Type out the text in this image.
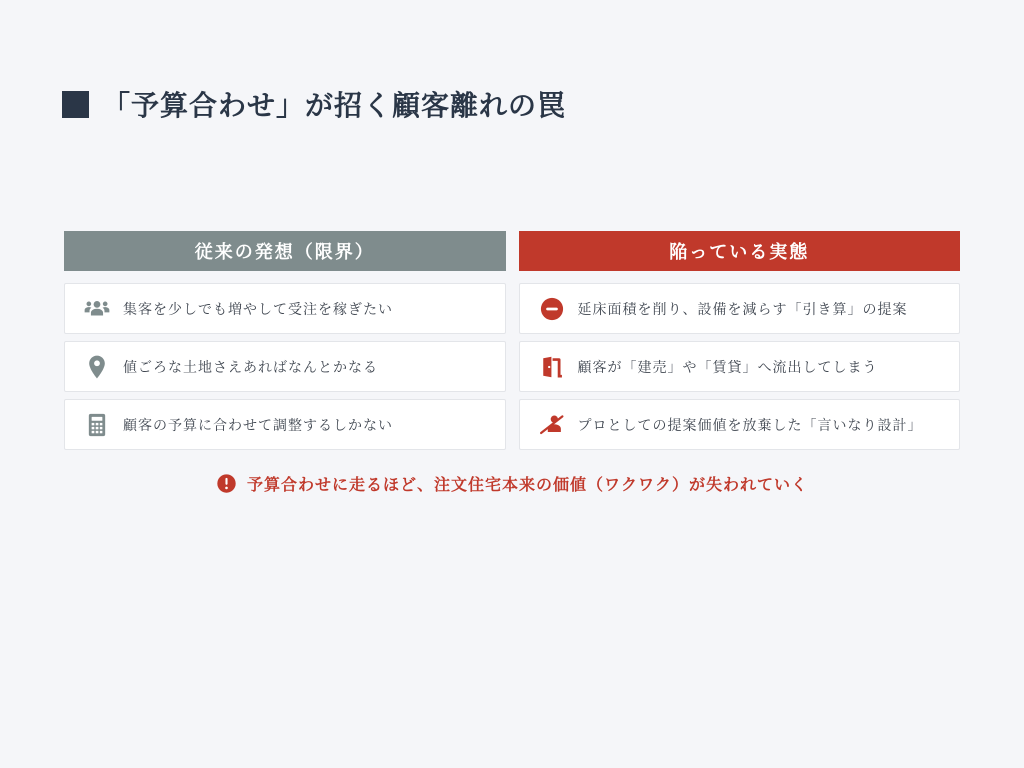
「予算合わせ」が招く顧客離れの罠
従来の発想（限界）
集客を少しでも増やして受注を稼ぎたい
値ごろな土地さえあればなんとかなる
顧客の予算に合わせて調整するしかない
陥っている実態
延床面積を削り、設備を減らす「引き算」の提案
顧客が「建売」や「賃貸」へ流出してしまう
プロとしての提案価値を放棄した「言いなり設計」
予算合わせに走るほど、注文住宅本来の価値（ワクワク）が失われていく
